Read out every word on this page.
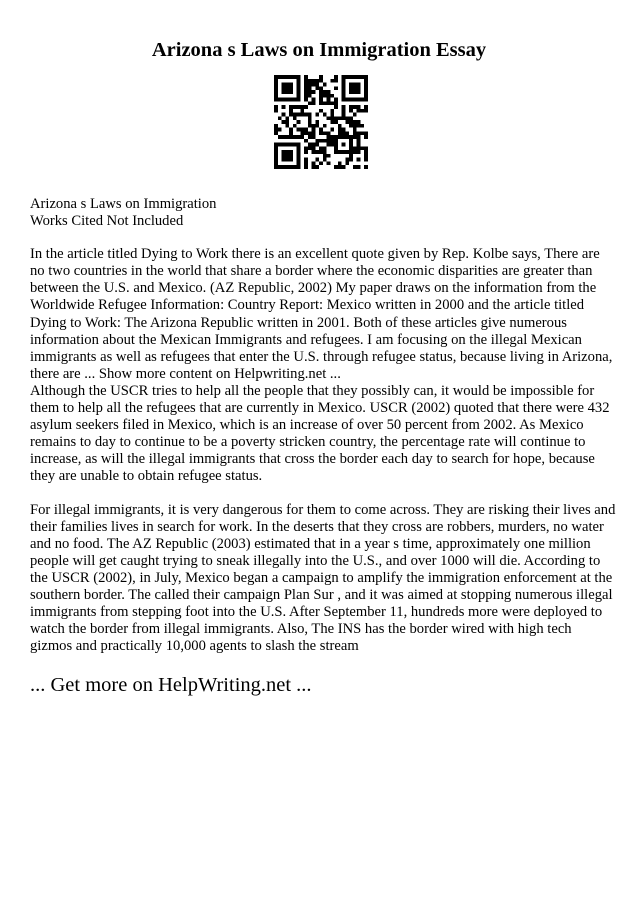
Arizona s Laws on Immigration Essay

Arizona s Laws on Immigration

Works Cited Not Included

In the article titled Dying to Work there is an excellent quote given by Rep. Kolbe says, There are no two countries in the world that share a border where the economic disparities are greater than between the U.S. and Mexico. (AZ Republic, 2002) My paper draws on the information from the Worldwide Refugee Information: Country Report: Mexico written in 2000 and the article titled Dying to Work: The Arizona Republic written in 2001. Both of these articles give numerous information about the Mexican Immigrants and refugees. I am focusing on the illegal Mexican immigrants as well as refugees that enter the U.S. through refugee status, because living in Arizona, there are ... Show more content on Helpwriting.net ...

Although the USCR tries to help all the people that they possibly can, it would be impossible for them to help all the refugees that are currently in Mexico. USCR (2002) quoted that there were 432 asylum seekers filed in Mexico, which is an increase of over 50 percent from 2002. As Mexico remains to day to continue to be a poverty stricken country, the percentage rate will continue to increase, as will the illegal immigrants that cross the border each day to search for hope, because they are unable to obtain refugee status.

For illegal immigrants, it is very dangerous for them to come across. They are risking their lives and their families lives in search for work. In the deserts that they cross are robbers, murders, no water and no food. The AZ Republic (2003) estimated that in a year s time, approximately one million people will get caught trying to sneak illegally into the U.S., and over 1000 will die. According to the USCR (2002), in July, Mexico began a campaign to amplify the immigration enforcement at the southern border. The called their campaign Plan Sur , and it was aimed at stopping numerous illegal immigrants from stepping foot into the U.S. After September 11, hundreds more were deployed to watch the border from illegal immigrants. Also, The INS has the border wired with high tech gizmos and practically 10,000 agents to slash the stream

... Get more on HelpWriting.net ...
